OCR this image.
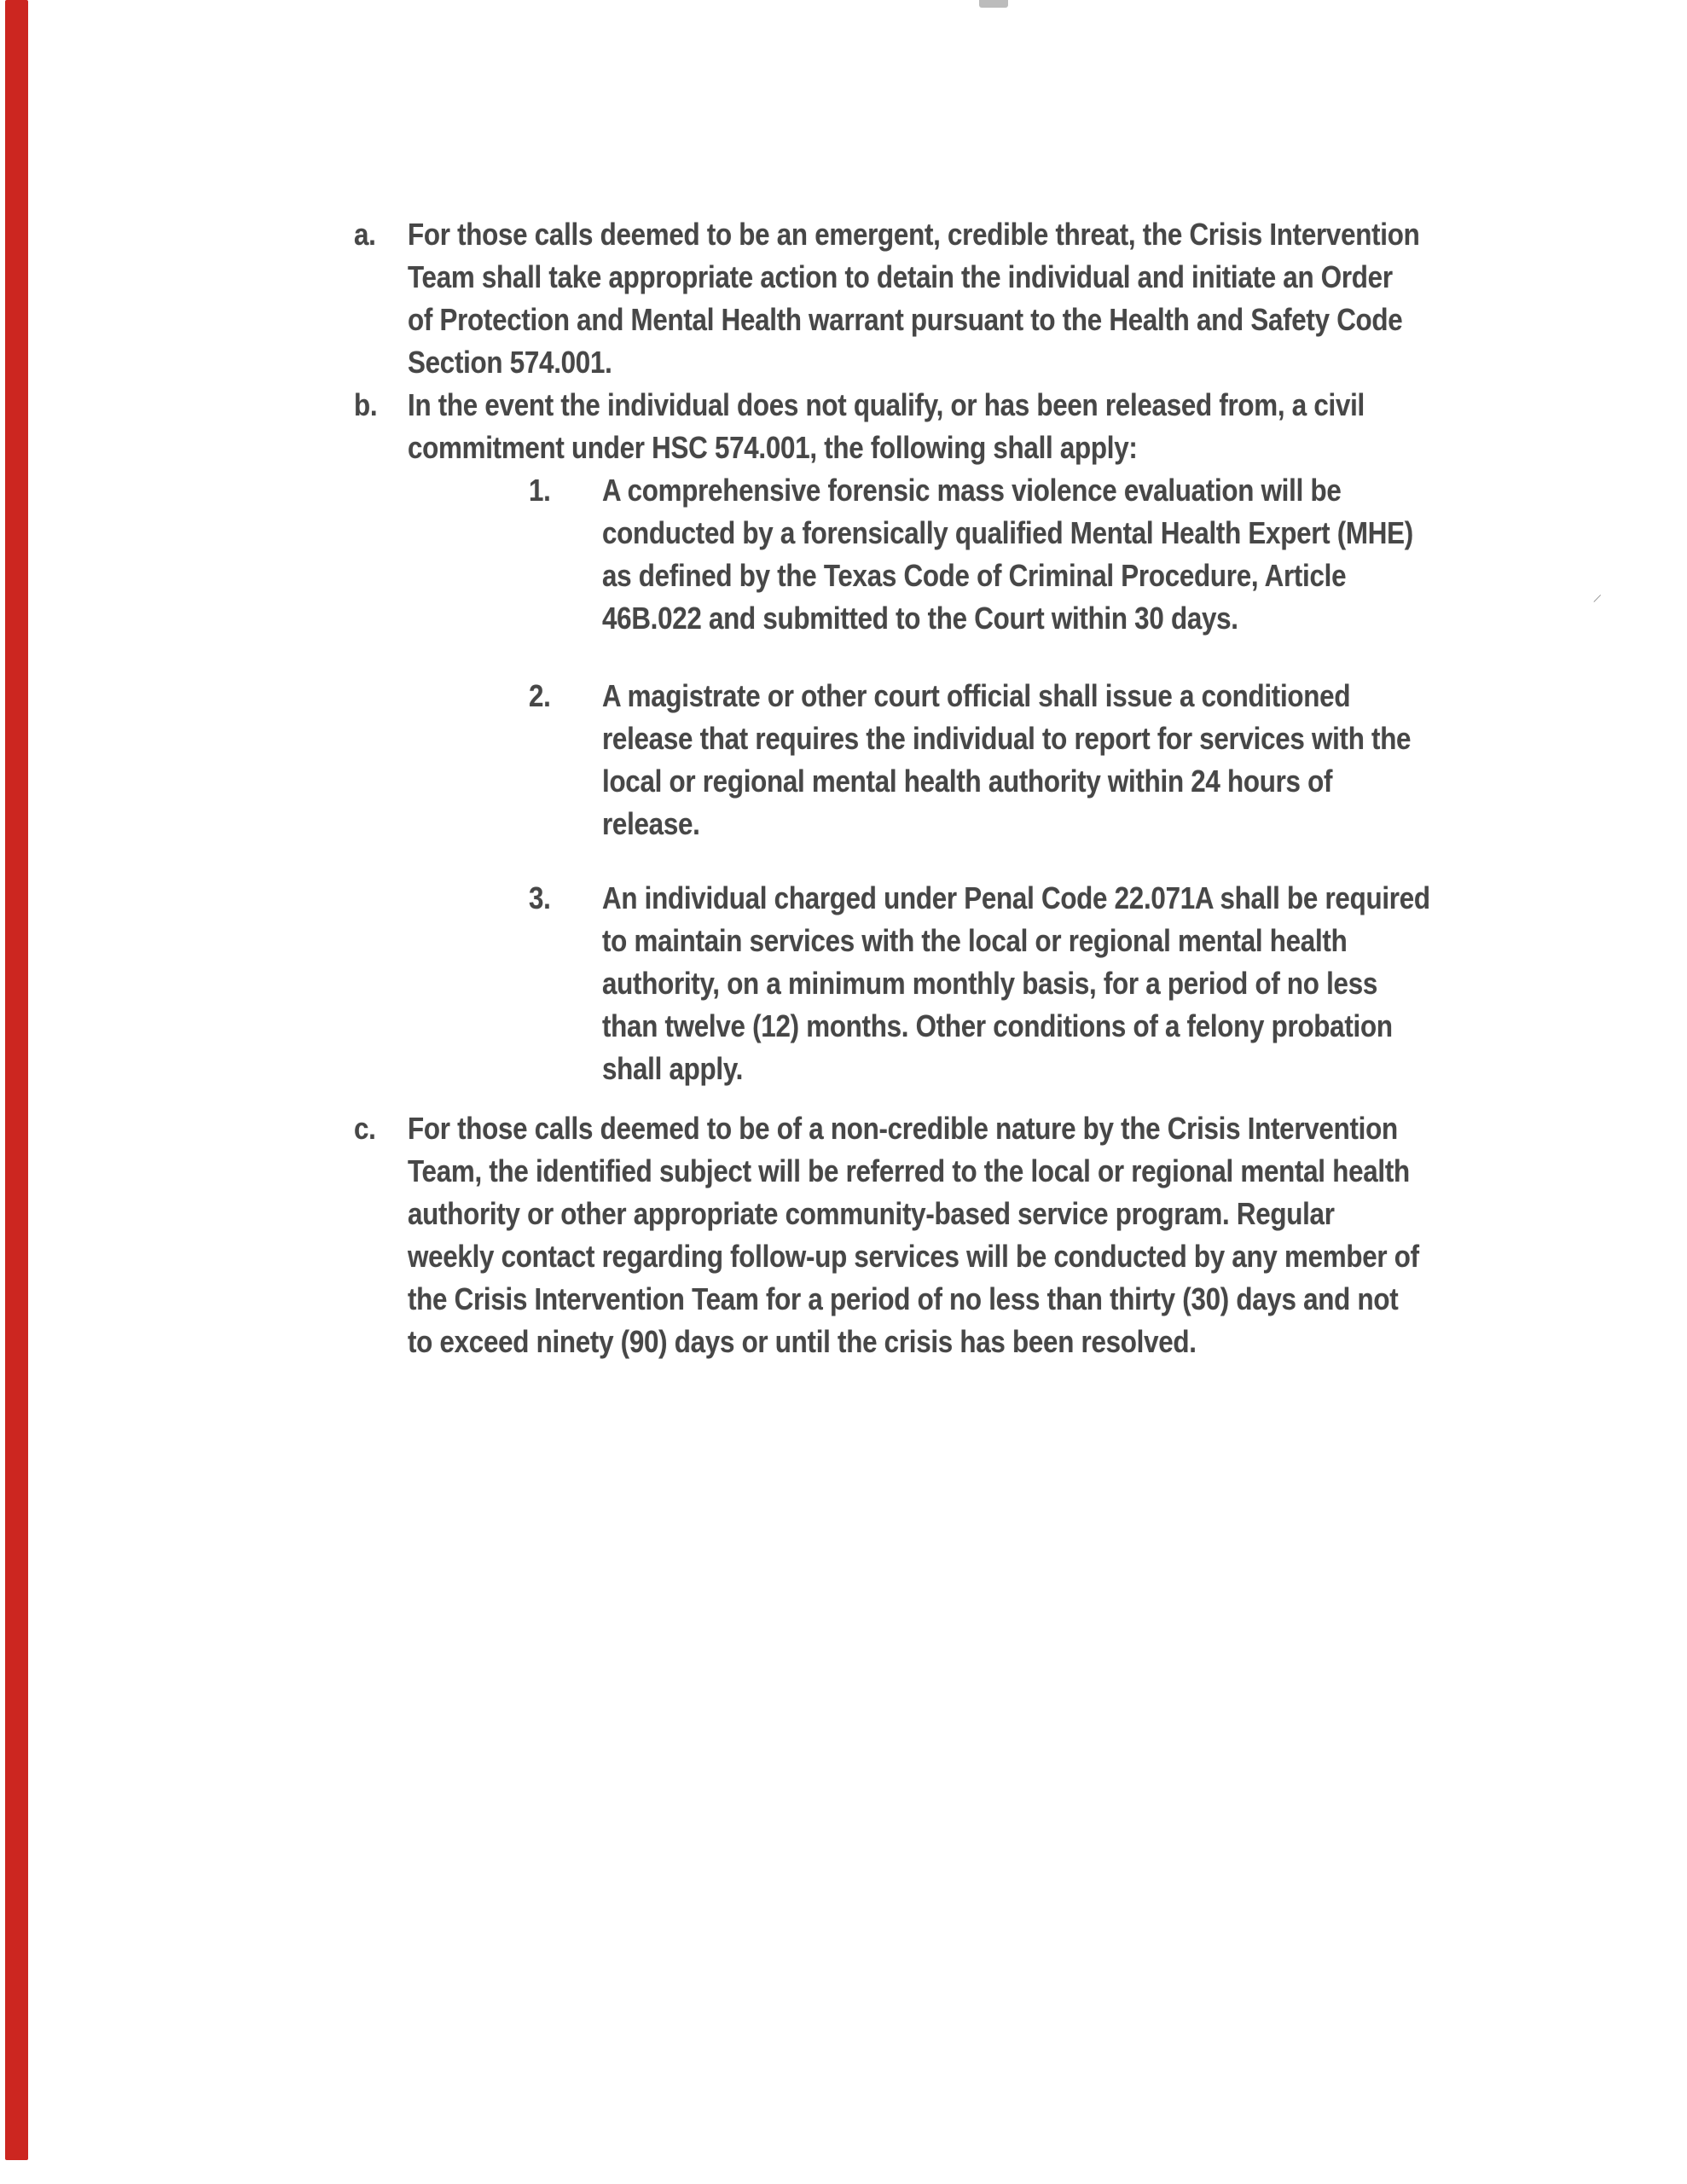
⁄
a. For those calls deemed to be an emergent, credible threat, the Crisis Intervention
Team shall take appropriate action to detain the individual and initiate an Order
of Protection and Mental Health warrant pursuant to the Health and Safety Code
Section 574.001.
b. In the event the individual does not qualify, or has been released from, a civil
commitment under HSC 574.001, the following shall apply:
1. A comprehensive forensic mass violence evaluation will be
conducted by a forensically qualified Mental Health Expert (MHE)
as defined by the Texas Code of Criminal Procedure, Article
46B.022 and submitted to the Court within 30 days.
2. A magistrate or other court official shall issue a conditioned
release that requires the individual to report for services with the
local or regional mental health authority within 24 hours of
release.
3. An individual charged under Penal Code 22.071A shall be required
to maintain services with the local or regional mental health
authority, on a minimum monthly basis, for a period of no less
than twelve (12) months. Other conditions of a felony probation
shall apply.
c. For those calls deemed to be of a non-credible nature by the Crisis Intervention
Team, the identified subject will be referred to the local or regional mental health
authority or other appropriate community-based service program. Regular
weekly contact regarding follow-up services will be conducted by any member of
the Crisis Intervention Team for a period of no less than thirty (30) days and not
to exceed ninety (90) days or until the crisis has been resolved.
